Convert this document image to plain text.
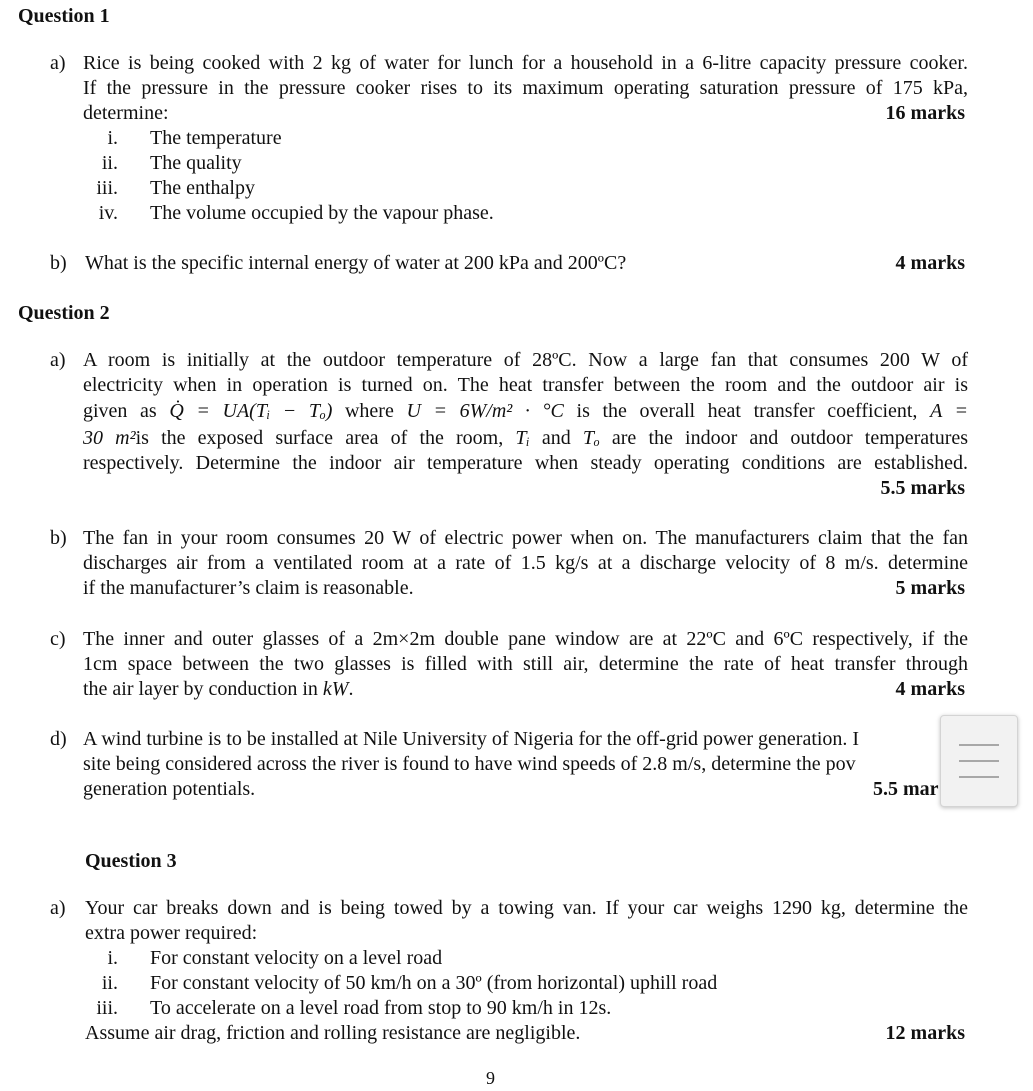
Question 1
a) Rice is being cooked with 2 kg of water for lunch for a household in a 6-litre capacity pressure cooker.
If the pressure in the pressure cooker rises to its maximum operating saturation pressure of 175 kPa,
determine:	16 marks
i. The temperature
ii. The quality
iii. The enthalpy
iv. The volume occupied by the vapour phase.
b) What is the specific internal energy of water at 200 kPa and 200ºC?	4 marks
Question 2
a) A room is initially at the outdoor temperature of 28ºC. Now a large fan that consumes 200 W of
electricity when in operation is turned on. The heat transfer between the room and the outdoor air is
given as Q̇ = UA(Tᵢ − Tₒ) where U = 6W/m² · °C is the overall heat transfer coefficient, A =
30 m²is the exposed surface area of the room, Tᵢ and Tₒ are the indoor and outdoor temperatures
respectively. Determine the indoor air temperature when steady operating conditions are established.
5.5 marks
b) The fan in your room consumes 20 W of electric power when on. The manufacturers claim that the fan
discharges air from a ventilated room at a rate of 1.5 kg/s at a discharge velocity of 8 m/s. determine
if the manufacturer’s claim is reasonable.	5 marks
c) The inner and outer glasses of a 2m×2m double pane window are at 22ºC and 6ºC respectively, if the
1cm space between the two glasses is filled with still air, determine the rate of heat transfer through
the air layer by conduction in kW.	4 marks
d) A wind turbine is to be installed at Nile University of Nigeria for the off-grid power generation. I
site being considered across the river is found to have wind speeds of 2.8 m/s, determine the pov
generation potentials.	5.5 mar
Question 3
a) Your car breaks down and is being towed by a towing van. If your car weighs 1290 kg, determine the
extra power required:
i. For constant velocity on a level road
ii. For constant velocity of 50 km/h on a 30º (from horizontal) uphill road
iii. To accelerate on a level road from stop to 90 km/h in 12s.
Assume air drag, friction and rolling resistance are negligible.	12 marks
9
